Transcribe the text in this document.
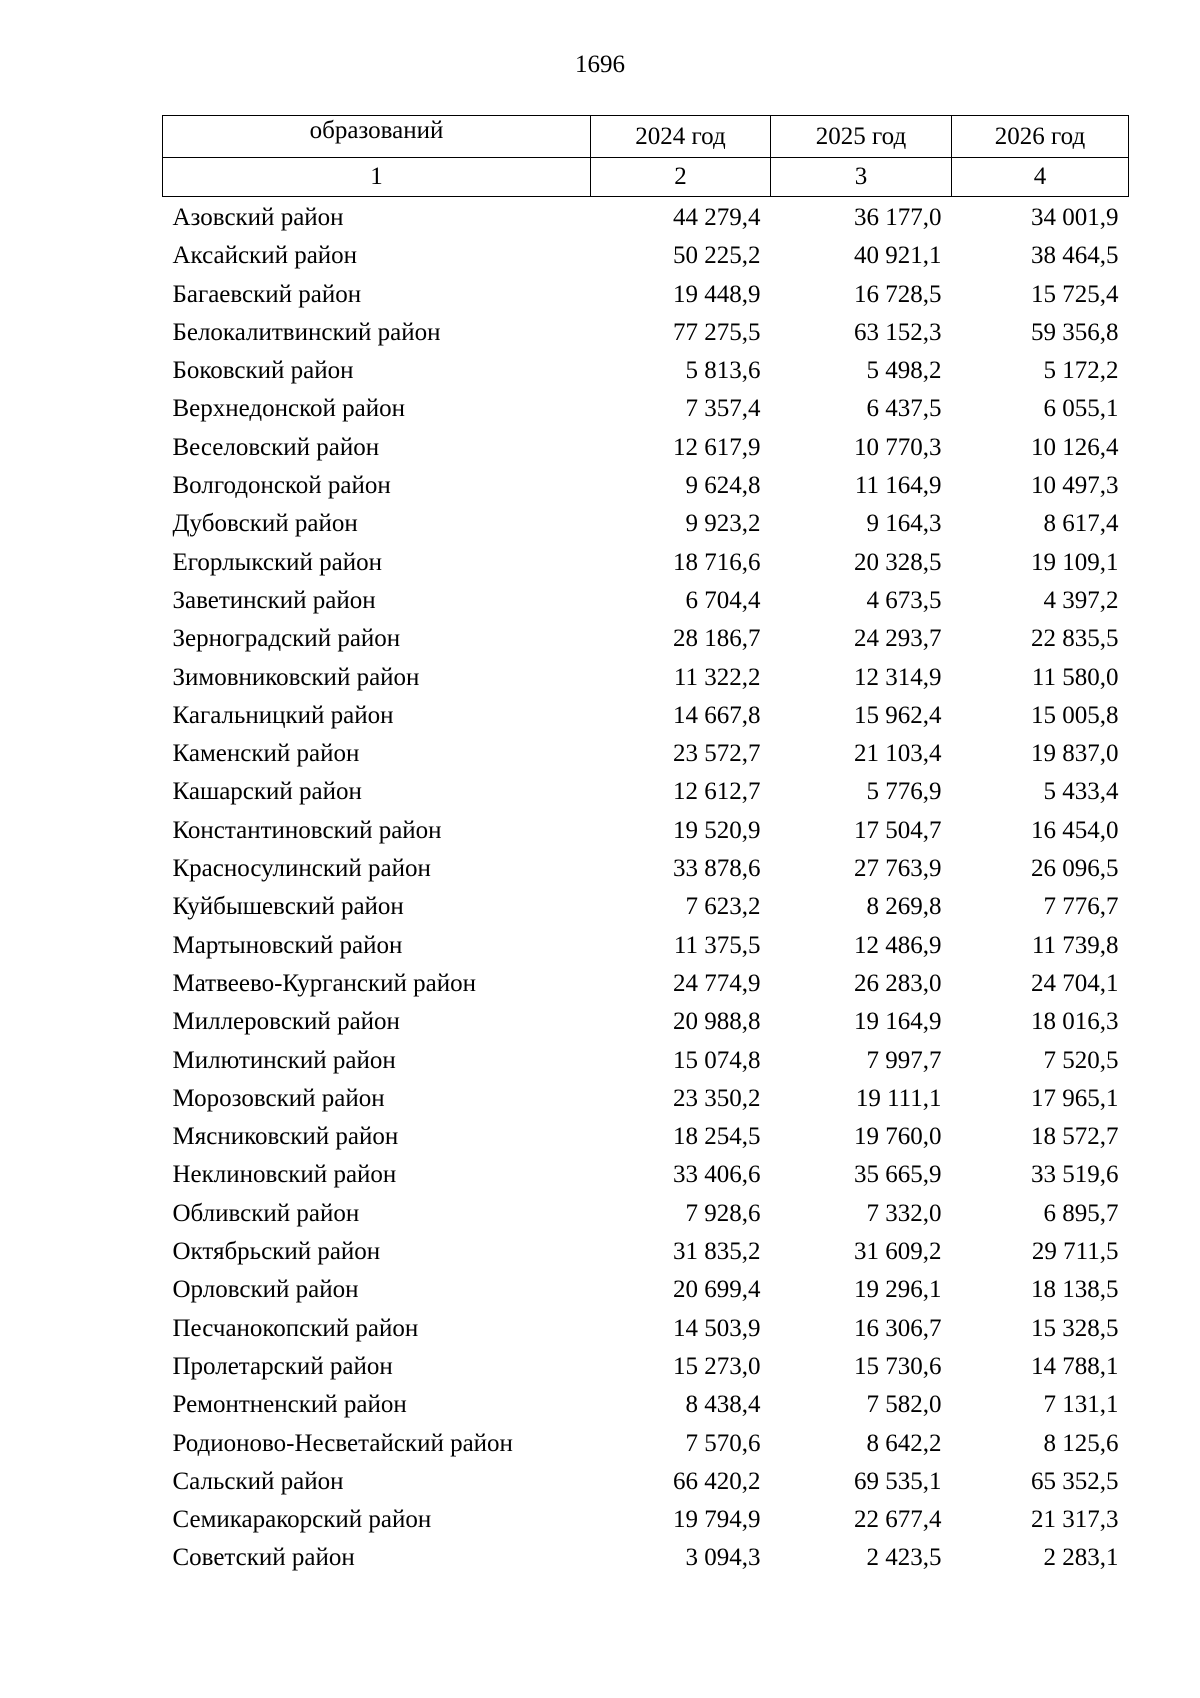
1696
образований	2024 год	2025 год	2026 год
1	2	3	4

Азовский район	44 279,4	36 177,0	34 001,9
Аксайский район	50 225,2	40 921,1	38 464,5
Багаевский район	19 448,9	16 728,5	15 725,4
Белокалитвинский район	77 275,5	63 152,3	59 356,8
Боковский район	5 813,6	5 498,2	5 172,2
Верхнедонской район	7 357,4	6 437,5	6 055,1
Веселовский район	12 617,9	10 770,3	10 126,4
Волгодонской район	9 624,8	11 164,9	10 497,3
Дубовский район	9 923,2	9 164,3	8 617,4
Егорлыкский район	18 716,6	20 328,5	19 109,1
Заветинский район	6 704,4	4 673,5	4 397,2
Зерноградский район	28 186,7	24 293,7	22 835,5
Зимовниковский район	11 322,2	12 314,9	11 580,0
Кагальницкий район	14 667,8	15 962,4	15 005,8
Каменский район	23 572,7	21 103,4	19 837,0
Кашарский район	12 612,7	5 776,9	5 433,4
Константиновский район	19 520,9	17 504,7	16 454,0
Красносулинский район	33 878,6	27 763,9	26 096,5
Куйбышевский район	7 623,2	8 269,8	7 776,7
Мартыновский район	11 375,5	12 486,9	11 739,8
Матвеево-Курганский район	24 774,9	26 283,0	24 704,1
Миллеровский район	20 988,8	19 164,9	18 016,3
Милютинский район	15 074,8	7 997,7	7 520,5
Морозовский район	23 350,2	19 111,1	17 965,1
Мясниковский район	18 254,5	19 760,0	18 572,7
Неклиновский район	33 406,6	35 665,9	33 519,6
Обливский район	7 928,6	7 332,0	6 895,7
Октябрьский район	31 835,2	31 609,2	29 711,5
Орловский район	20 699,4	19 296,1	18 138,5
Песчанокопский район	14 503,9	16 306,7	15 328,5
Пролетарский район	15 273,0	15 730,6	14 788,1
Ремонтненский район	8 438,4	7 582,0	7 131,1
Родионово-Несветайский район	7 570,6	8 642,2	8 125,6
Сальский район	66 420,2	69 535,1	65 352,5
Семикаракорский район	19 794,9	22 677,4	21 317,3
Советский район	3 094,3	2 423,5	2 283,1
